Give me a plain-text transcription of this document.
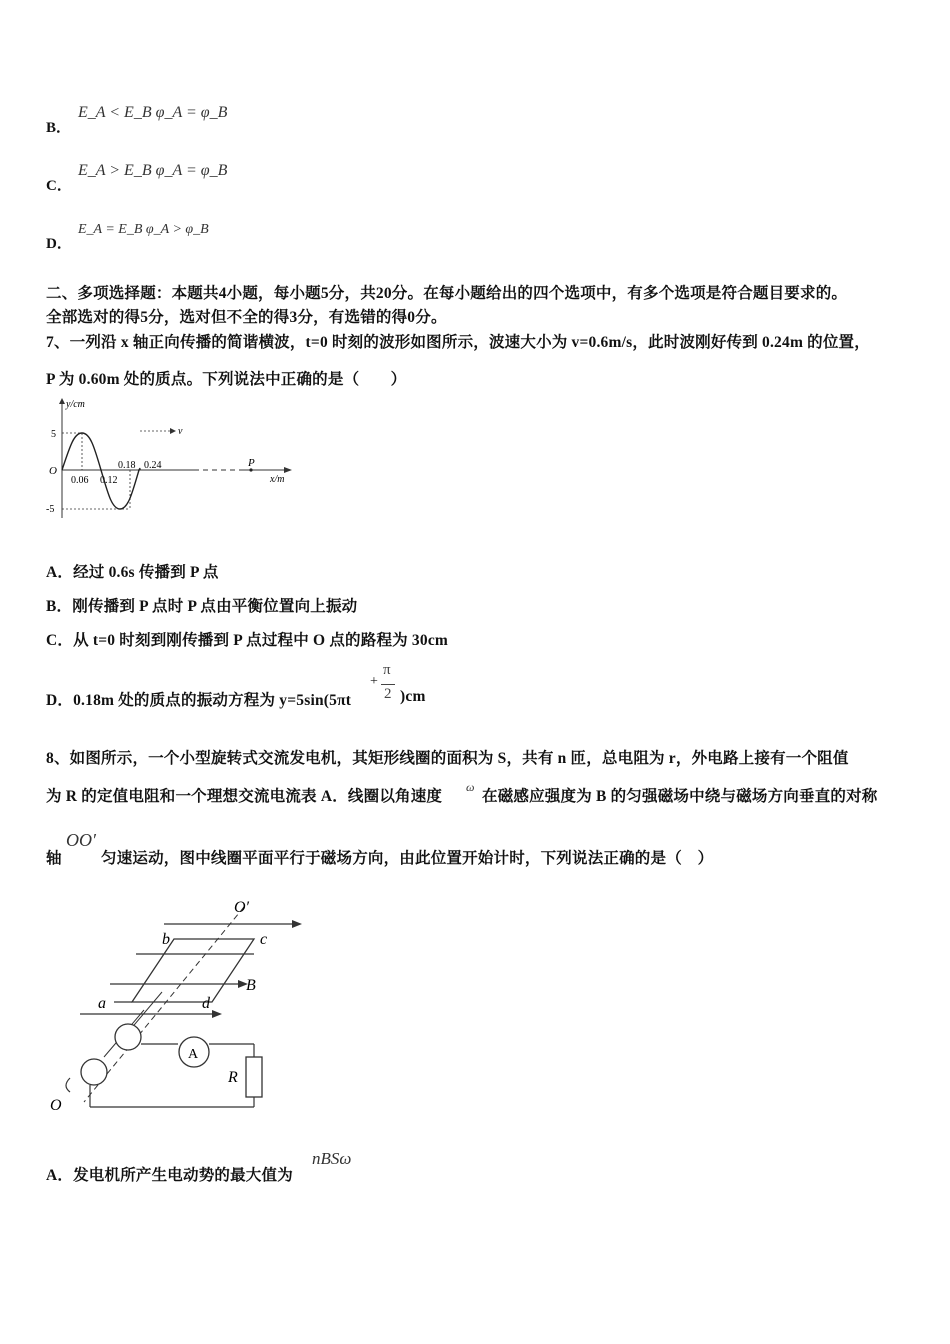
B．
E_A < E_B φ_A = φ_B
C．
E_A > E_B φ_A = φ_B
D．
E_A = E_B φ_A > φ_B
二、多项选择题：本题共4小题，每小题5分，共20分。在每小题给出的四个选项中，有多个选项是符合题目要求的。
全部选对的得5分，选对但不全的得3分，有选错的得0分。
7、一列沿 x 轴正向传播的简谐横波，t=0 时刻的波形如图所示，波速大小为 v=0.6m/s，此时波刚好传到 0.24m 的位置，
P 为 0.60m 处的质点。下列说法中正确的是（　　）
y/cm
x/m
O
5
-5
0.06 0.12
0.18 0.24
v
P
A．经过 0.6s 传播到 P 点
B．刚传播到 P 点时 P 点由平衡位置向上振动
C．从 t=0 时刻到刚传播到 P 点过程中 O 点的路程为 30cm
D．0.18m 处的质点的振动方程为 y=5sin(5πt
+
π
2 )cm
8、如图所示，一个小型旋转式交流发电机，其矩形线圈的面积为 S，共有 n 匝，总电阻为 r，外电路上接有一个阻值
为 R 的定值电阻和一个理想交流电流表 A．线圈以角速度
ω
在磁感应强度为 B 的匀强磁场中绕与磁场方向垂直的对称
轴
OO′
匀速运动，图中线圈平面平行于磁场方向，由此位置开始计时，下列说法正确的是（　）
B
A
R
O′
b	c
a	d
O
A．发电机所产生电动势的最大值为
nBSω
